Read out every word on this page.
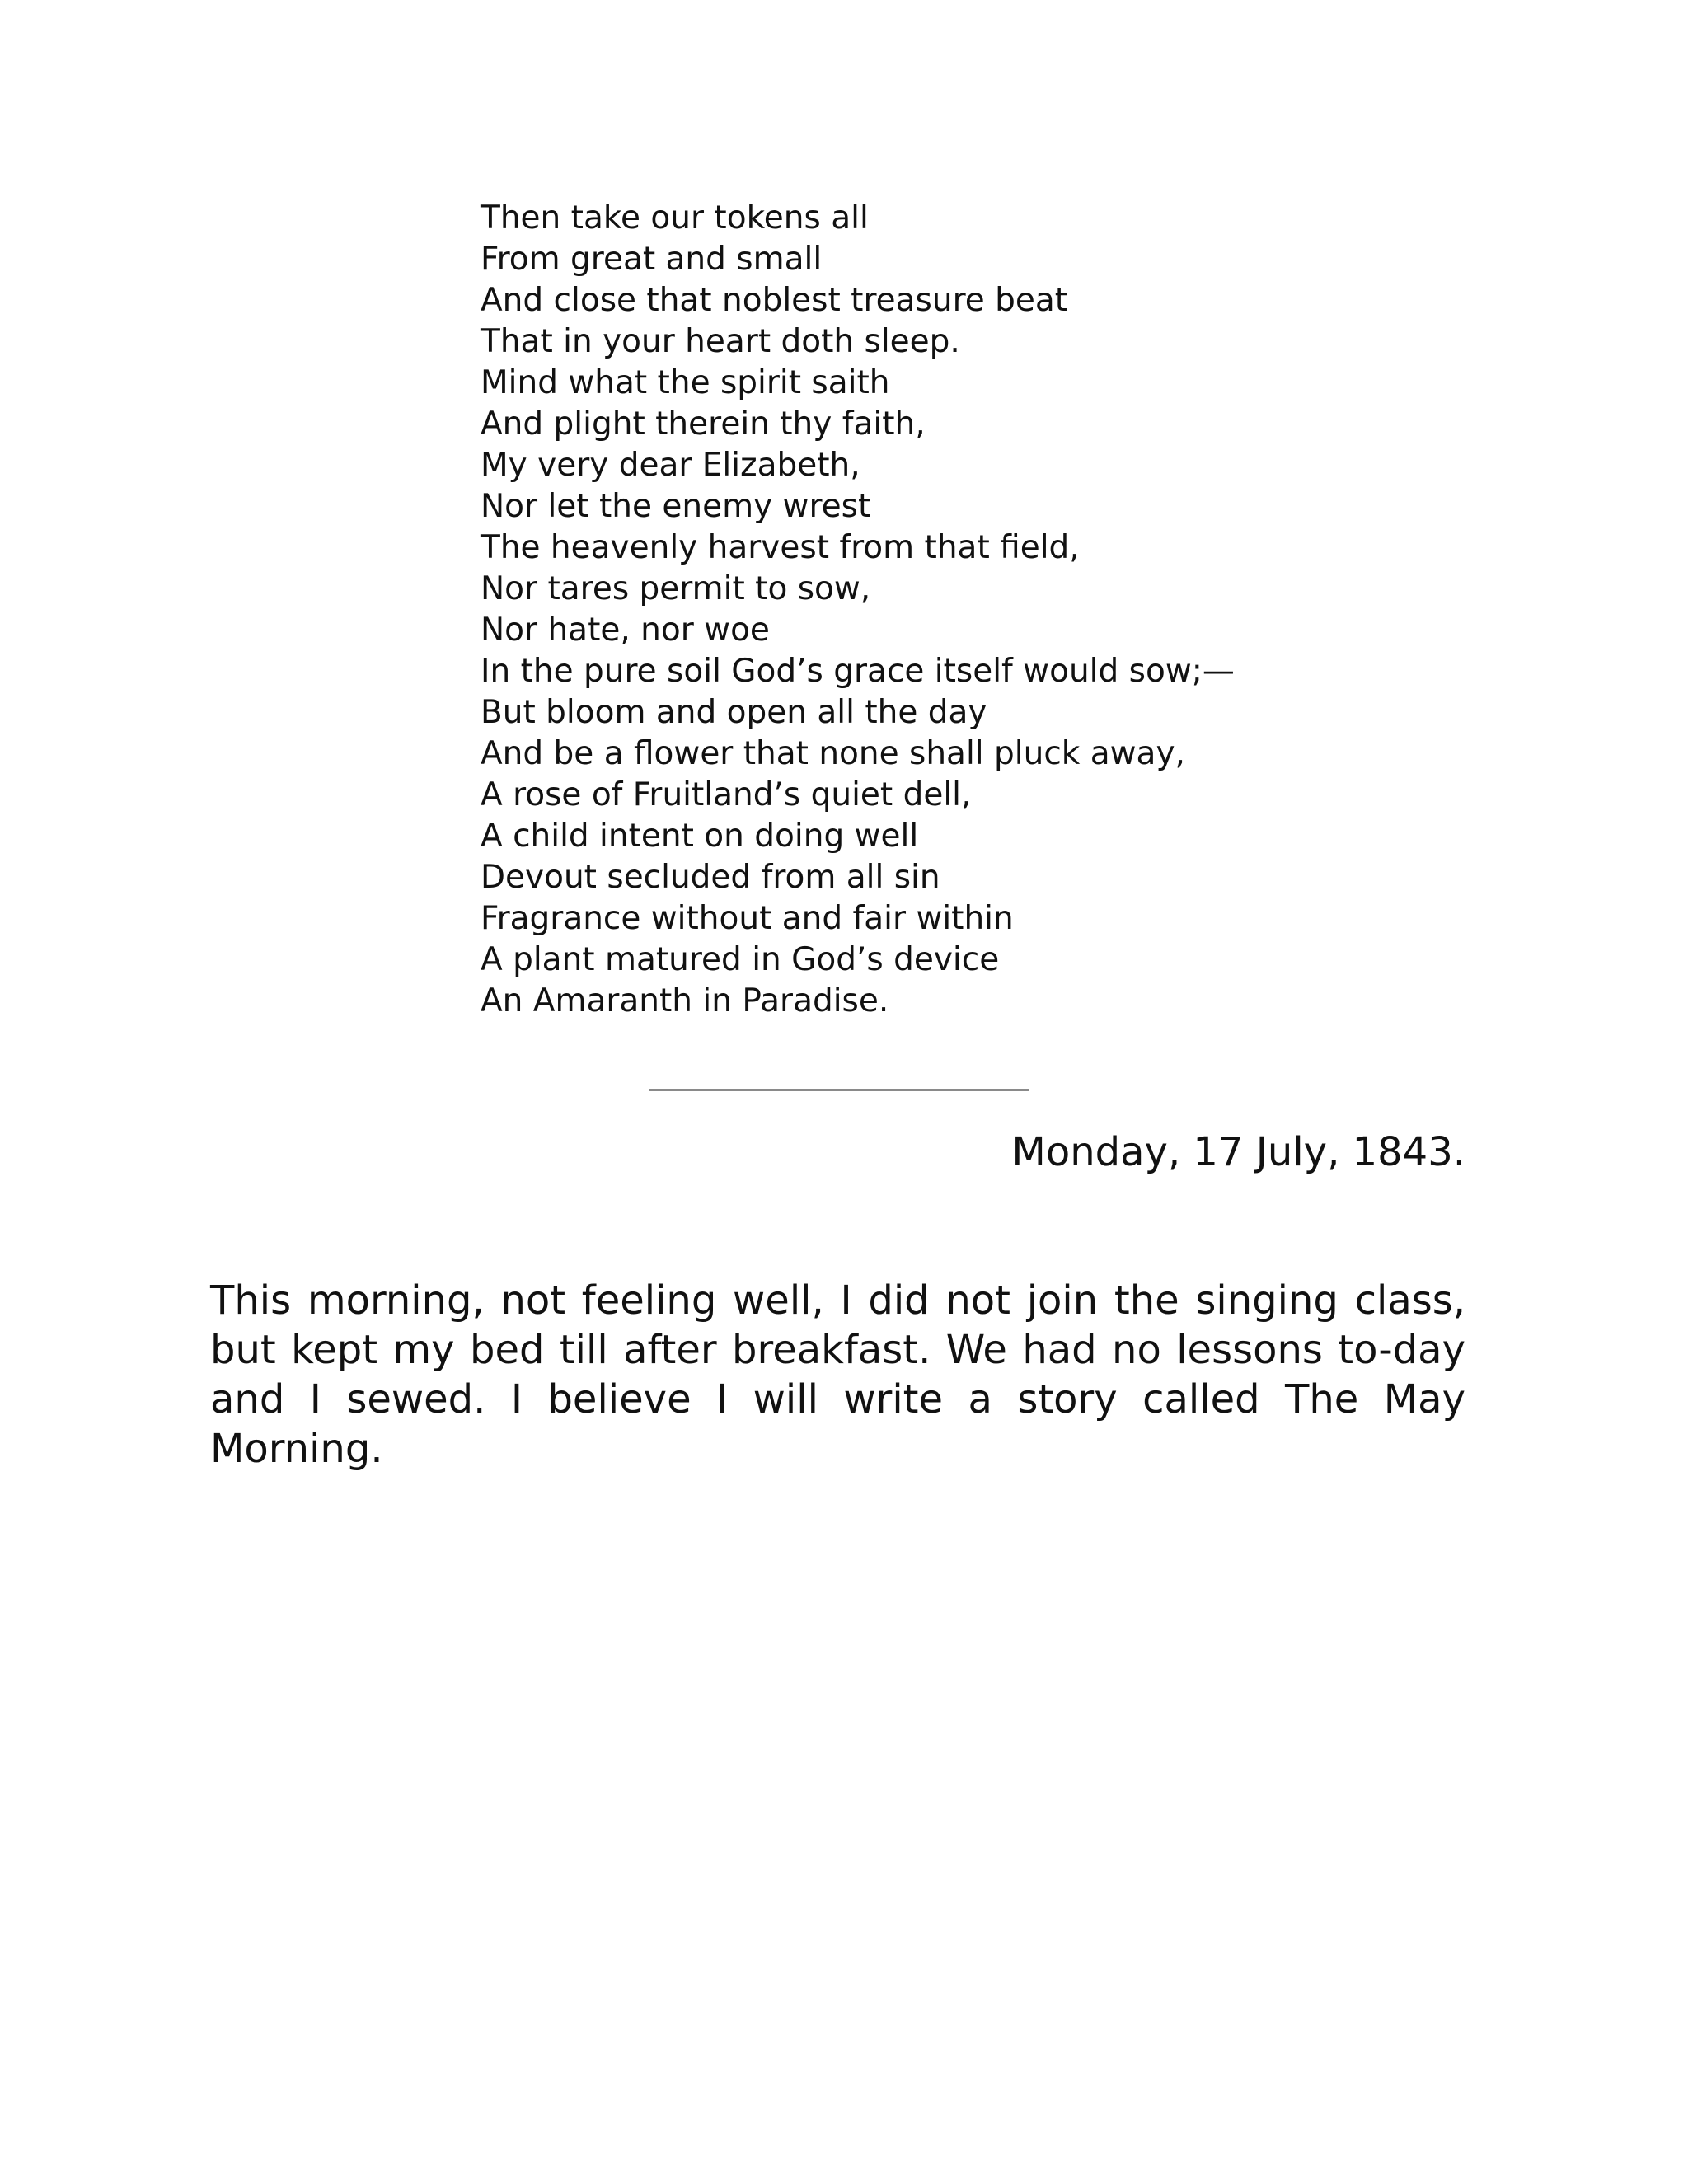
Then take our tokens all
From great and small
And close that noblest treasure beat
That in your heart doth sleep.
Mind what the spirit saith
And plight therein thy faith,
My very dear Elizabeth,
Nor let the enemy wrest
The heavenly harvest from that field,
Nor tares permit to sow,
Nor hate, nor woe
In the pure soil God’s grace itself would sow;—
But bloom and open all the day
And be a flower that none shall pluck away,
A rose of Fruitland’s quiet dell,
A child intent on doing well
Devout secluded from all sin
Fragrance without and fair within
A plant matured in God’s device
An Amaranth in Paradise.
Monday, 17 July, 1843.

This morning, not feeling well, I did not join the singing class, but kept my bed till after breakfast. We had no lessons to-day and I sewed. I believe I will write a story called The May Morning.
